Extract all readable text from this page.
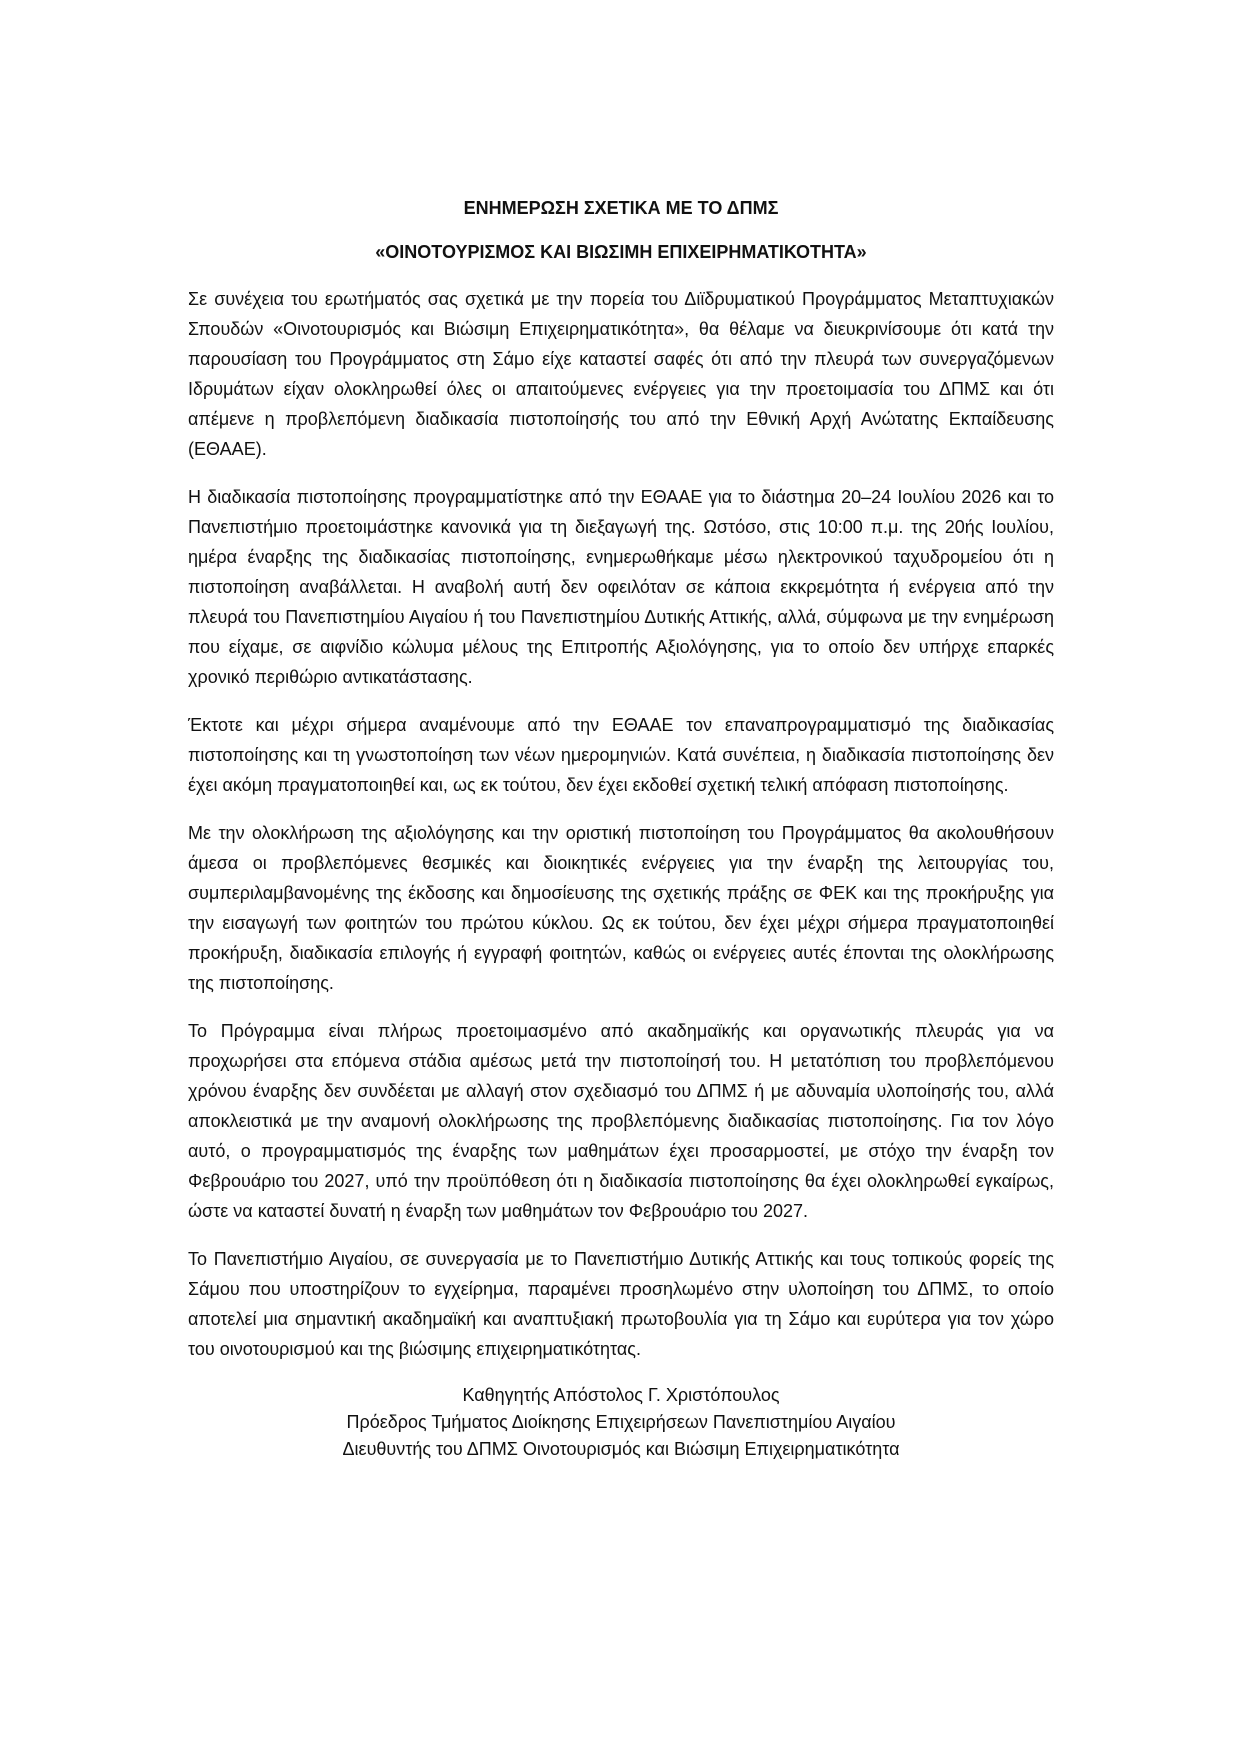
ΕΝΗΜΕΡΩΣΗ ΣΧΕΤΙΚΑ ΜΕ ΤΟ ΔΠΜΣ
«ΟΙΝΟΤΟΥΡΙΣΜΟΣ ΚΑΙ ΒΙΩΣΙΜΗ ΕΠΙΧΕΙΡΗΜΑΤΙΚΟΤΗΤΑ»

Σε συνέχεια του ερωτήματός σας σχετικά με την πορεία του Διϊδρυματικού Προγράμματος Μεταπτυχιακών Σπουδών «Οινοτουρισμός και Βιώσιμη Επιχειρηματικότητα», θα θέλαμε να διευκρινίσουμε ότι κατά την παρουσίαση του Προγράμματος στη Σάμο είχε καταστεί σαφές ότι από την πλευρά των συνεργαζόμενων Ιδρυμάτων είχαν ολοκληρωθεί όλες οι απαιτούμενες ενέργειες για την προετοιμασία του ΔΠΜΣ και ότι απέμενε η προβλεπόμενη διαδικασία πιστοποίησής του από την Εθνική Αρχή Ανώτατης Εκπαίδευσης (ΕΘΑΑΕ).

Η διαδικασία πιστοποίησης προγραμματίστηκε από την ΕΘΑΑΕ για το διάστημα 20–24 Ιουλίου 2026 και το Πανεπιστήμιο προετοιμάστηκε κανονικά για τη διεξαγωγή της. Ωστόσο, στις 10:00 π.μ. της 20ής Ιουλίου, ημέρα έναρξης της διαδικασίας πιστοποίησης, ενημερωθήκαμε μέσω ηλεκτρονικού ταχυδρομείου ότι η πιστοποίηση αναβάλλεται. Η αναβολή αυτή δεν οφειλόταν σε κάποια εκκρεμότητα ή ενέργεια από την πλευρά του Πανεπιστημίου Αιγαίου ή του Πανεπιστημίου Δυτικής Αττικής, αλλά, σύμφωνα με την ενημέρωση που είχαμε, σε αιφνίδιο κώλυμα μέλους της Επιτροπής Αξιολόγησης, για το οποίο δεν υπήρχε επαρκές χρονικό περιθώριο αντικατάστασης.

Έκτοτε και μέχρι σήμερα αναμένουμε από την ΕΘΑΑΕ τον επαναπρογραμματισμό της διαδικασίας πιστοποίησης και τη γνωστοποίηση των νέων ημερομηνιών. Κατά συνέπεια, η διαδικασία πιστοποίησης δεν έχει ακόμη πραγματοποιηθεί και, ως εκ τούτου, δεν έχει εκδοθεί σχετική τελική απόφαση πιστοποίησης.

Με την ολοκλήρωση της αξιολόγησης και την οριστική πιστοποίηση του Προγράμματος θα ακολουθήσουν άμεσα οι προβλεπόμενες θεσμικές και διοικητικές ενέργειες για την έναρξη της λειτουργίας του, συμπεριλαμβανομένης της έκδοσης και δημοσίευσης της σχετικής πράξης σε ΦΕΚ και της προκήρυξης για την εισαγωγή των φοιτητών του πρώτου κύκλου. Ως εκ τούτου, δεν έχει μέχρι σήμερα πραγματοποιηθεί προκήρυξη, διαδικασία επιλογής ή εγγραφή φοιτητών, καθώς οι ενέργειες αυτές έπονται της ολοκλήρωσης της πιστοποίησης.

Το Πρόγραμμα είναι πλήρως προετοιμασμένο από ακαδημαϊκής και οργανωτικής πλευράς για να προχωρήσει στα επόμενα στάδια αμέσως μετά την πιστοποίησή του. Η μετατόπιση του προβλεπόμενου χρόνου έναρξης δεν συνδέεται με αλλαγή στον σχεδιασμό του ΔΠΜΣ ή με αδυναμία υλοποίησής του, αλλά αποκλειστικά με την αναμονή ολοκλήρωσης της προβλεπόμενης διαδικασίας πιστοποίησης. Για τον λόγο αυτό, ο προγραμματισμός της έναρξης των μαθημάτων έχει προσαρμοστεί, με στόχο την έναρξη τον Φεβρουάριο του 2027, υπό την προϋπόθεση ότι η διαδικασία πιστοποίησης θα έχει ολοκληρωθεί εγκαίρως, ώστε να καταστεί δυνατή η έναρξη των μαθημάτων τον Φεβρουάριο του 2027.

Το Πανεπιστήμιο Αιγαίου, σε συνεργασία με το Πανεπιστήμιο Δυτικής Αττικής και τους τοπικούς φορείς της Σάμου που υποστηρίζουν το εγχείρημα, παραμένει προσηλωμένο στην υλοποίηση του ΔΠΜΣ, το οποίο αποτελεί μια σημαντική ακαδημαϊκή και αναπτυξιακή πρωτοβουλία για τη Σάμο και ευρύτερα για τον χώρο του οινοτουρισμού και της βιώσιμης επιχειρηματικότητας.

Καθηγητής Απόστολος Γ. Χριστόπουλος
Πρόεδρος Τμήματος Διοίκησης Επιχειρήσεων Πανεπιστημίου Αιγαίου
Διευθυντής του ΔΠΜΣ Οινοτουρισμός και Βιώσιμη Επιχειρηματικότητα
